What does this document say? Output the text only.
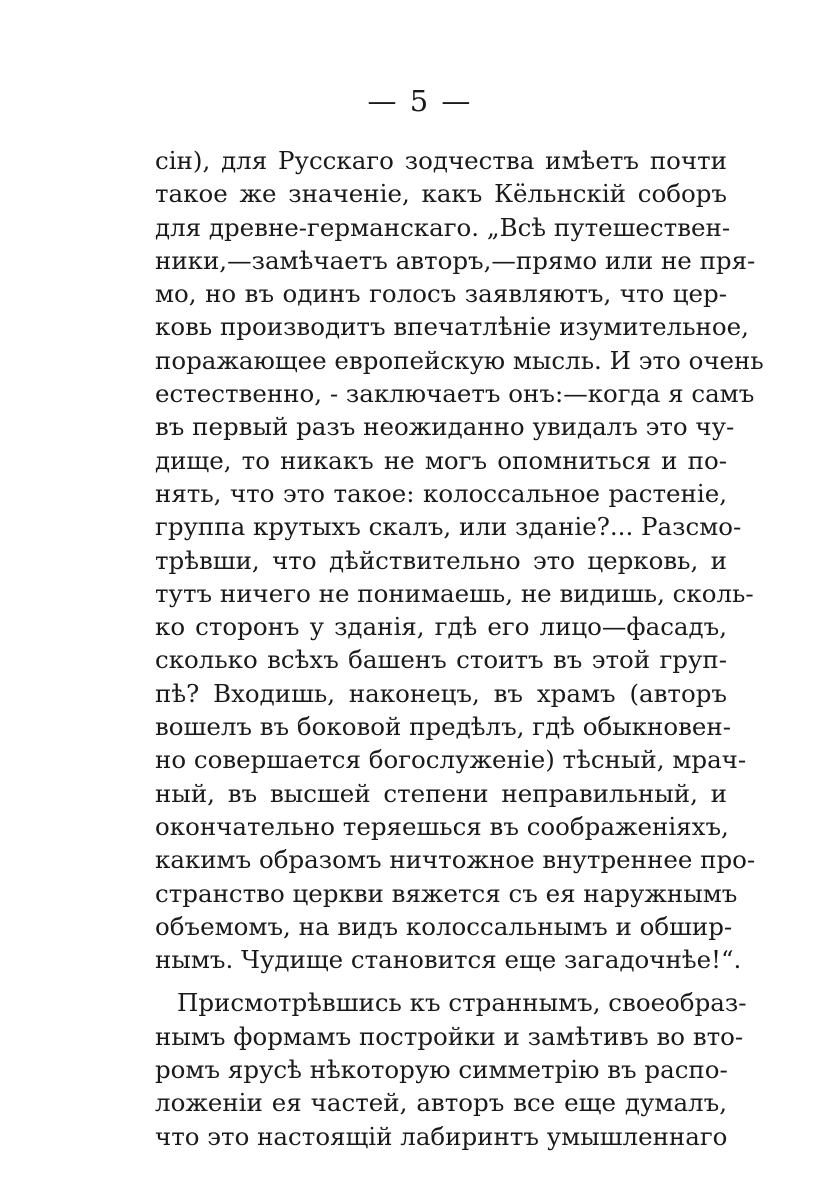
— 5 —
сін), для Русскаго зодчества имѣетъ почти
такое же значеніе, какъ Кёльнскій соборъ
для древне-германскаго. „Всѣ путешествен-
ники,—замѣчаетъ авторъ,—прямо или не пря-
мо, но въ одинъ голосъ заявляютъ, что цер-
ковь производитъ впечатлѣніе изумительное,
поражающее европейскую мысль. И это очень
естественно, - заключаетъ онъ:—когда я самъ
въ первый разъ неожиданно увидалъ это чу-
дище, то никакъ не могъ опомниться и по-
нять, что это такое: колоссальное растеніе,
группа крутыхъ скалъ, или зданіе?... Разсмо-
трѣвши, что дѣйствительно это церковь, и
тутъ ничего не понимаешь, не видишь, сколь-
ко сторонъ у зданія, гдѣ его лицо—фасадъ,
сколько всѣхъ башенъ стоитъ въ этой груп-
пѣ? Входишь, наконецъ, въ храмъ (авторъ
вошелъ въ боковой предѣлъ, гдѣ обыкновен-
но совершается богослуженіе) тѣсный, мрач-
ный, въ высшей степени неправильный, и
окончательно теряешься въ соображеніяхъ,
какимъ образомъ ничтожное внутреннее про-
странство церкви вяжется съ ея наружнымъ
объемомъ, на видъ колоссальнымъ и обшир-
нымъ. Чудище становится еще загадочнѣе!“.
Присмотрѣвшись къ страннымъ, своеобраз-
нымъ формамъ постройки и замѣтивъ во вто-
ромъ ярусѣ нѣкоторую симметрію въ распо-
ложеніи ея частей, авторъ все еще думалъ,
что это настоящій лабиринтъ умышленнаго
